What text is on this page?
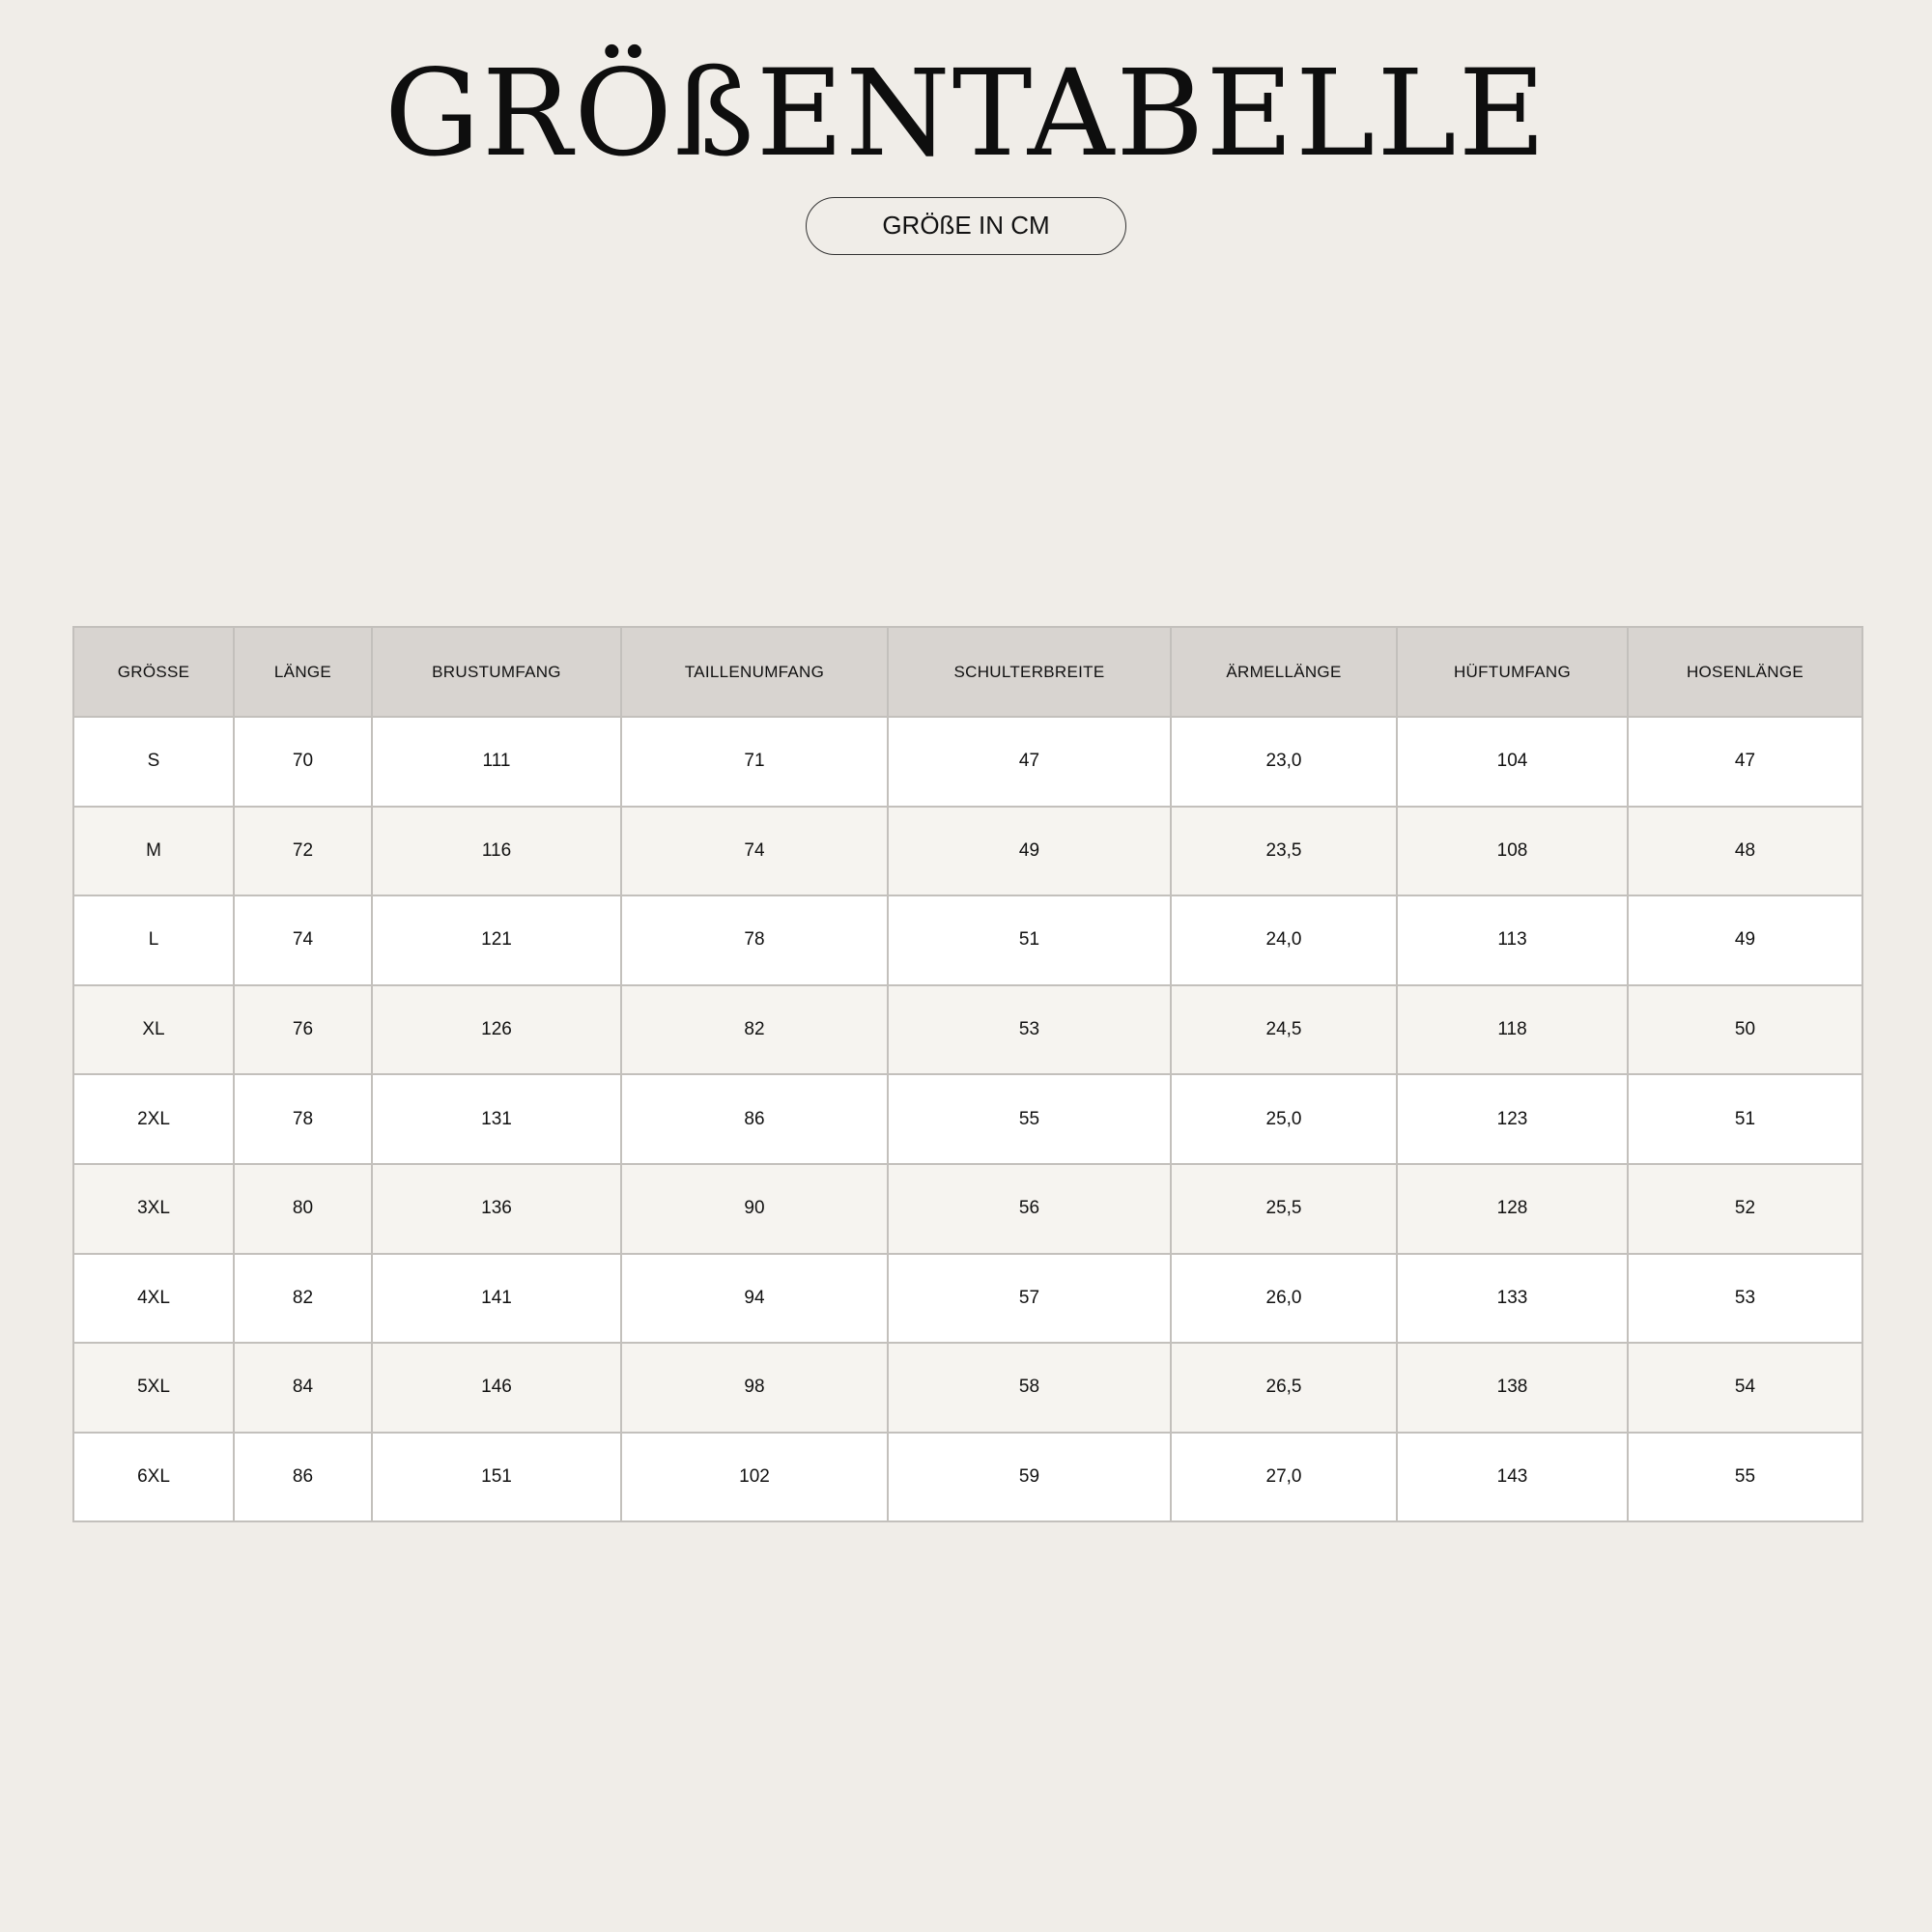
GRÖßENTABELLE
GRÖßE IN CM
GRÖSSE	LÄNGE	BRUSTUMFANG	TAILLENUMFANG	SCHULTERBREITE	ÄRMELLÄNGE	HÜFTUMFANG	HOSENLÄNGE
S	70	111	71	47	23,0	104	47
M	72	116	74	49	23,5	108	48
L	74	121	78	51	24,0	113	49
XL	76	126	82	53	24,5	118	50
2XL	78	131	86	55	25,0	123	51
3XL	80	136	90	56	25,5	128	52
4XL	82	141	94	57	26,0	133	53
5XL	84	146	98	58	26,5	138	54
6XL	86	151	102	59	27,0	143	55
